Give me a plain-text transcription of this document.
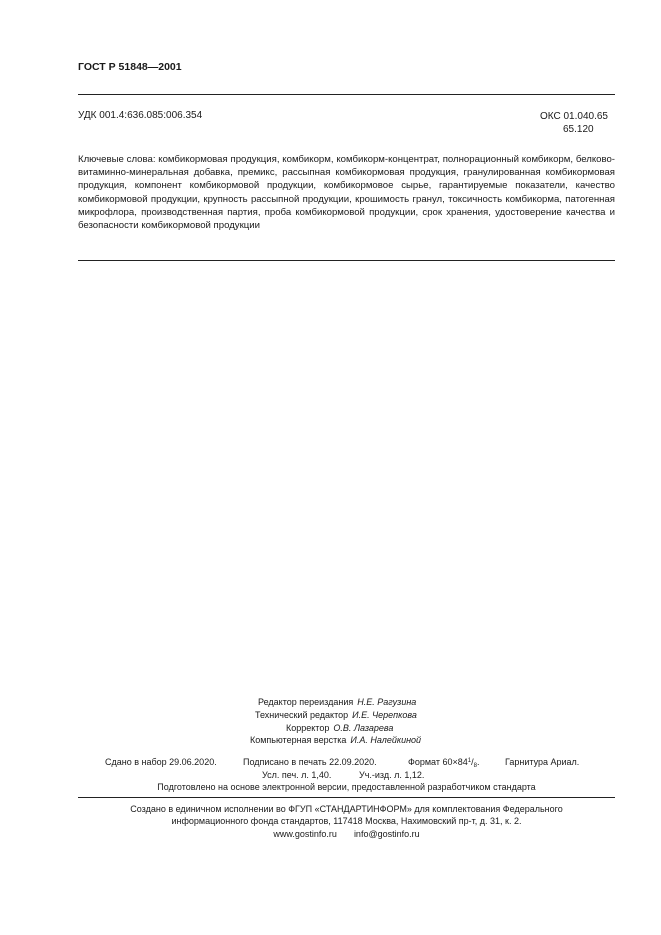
ГОСТ Р 51848—2001
УДК 001.4:636.085:006.354	ОКС 01.040.65
65.120

Ключевые слова: комбикормовая продукция, комбикорм, комбикорм-концентрат, полнорационный комбикорм, белково-витаминно-минеральная добавка, премикс, рассыпная комбикормовая продукция, гранулированная комбикормовая продукция, компонент комбикормовой продукции, комбикормовое сырье, гарантируемые показатели, качество комбикормовой продукции, крупность рассыпной продукции, крошимость гранул, токсичность комбикорма, патогенная микрофлора, производственная партия, проба комбикормовой продукции, срок хранения, удостоверение качества и безопасности комбикормовой продукции

Редактор переиздания Н.Е. Рагузина
Технический редактор И.Е. Черепкова
Корректор О.В. Лазарева
Компьютерная верстка И.А. Налейкиной
Сдано в набор 29.06.2020.	Подписано в печать 22.09.2020.	Формат $60\times 84^1/_8$.	Гарнитура Ариал.
Усл. печ. л. 1,40.	Уч.-изд. л. 1,12.
Подготовлено на основе электронной версии, предоставленной разработчиком стандарта
Создано в единичном исполнении во ФГУП «СТАНДАРТИНФОРМ» для комплектования Федерального
информационного фонда стандартов, 117418 Москва, Нахимовский пр-т, д. 31, к. 2.
www.gostinfo.ru info@gostinfo.ru
